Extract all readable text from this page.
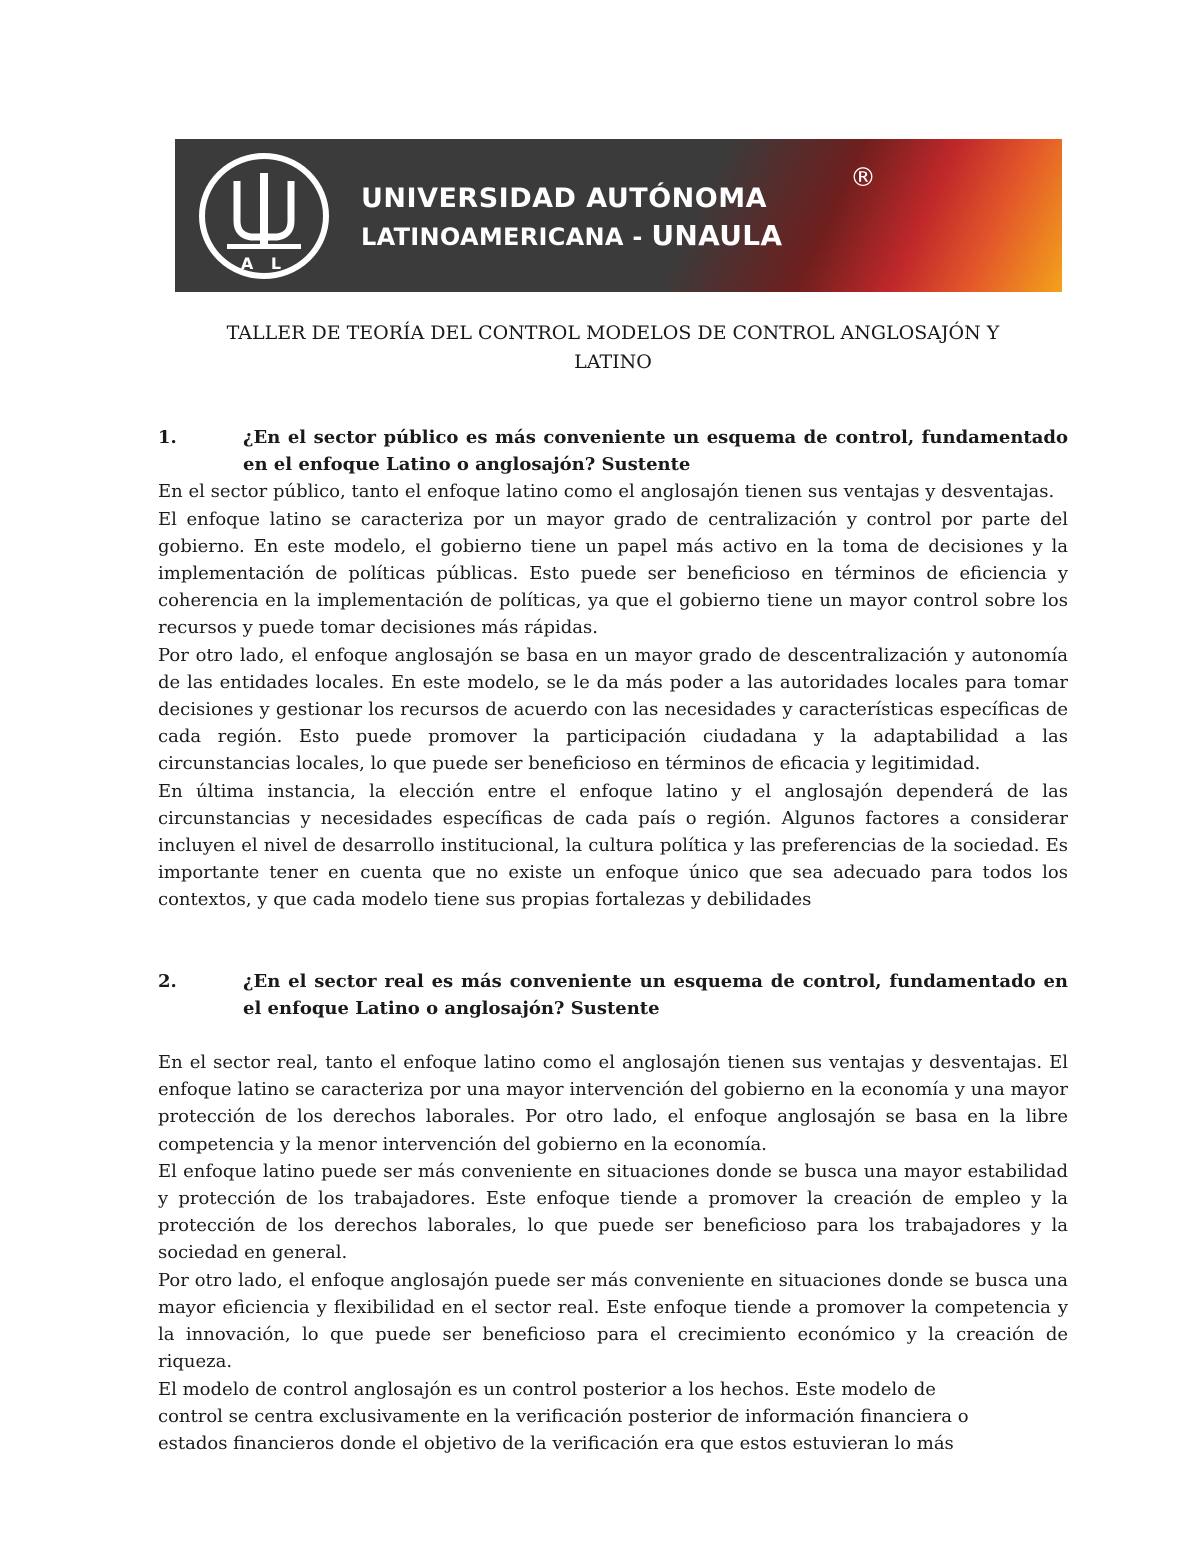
A L
UNIVERSIDAD AUTÓNOMA
®
LATINOAMERICANA - UNAULA
TALLER DE TEORÍA DEL CONTROL MODELOS DE CONTROL ANGLOSAJÓN Y
LATINO
1.	¿En el sector público es más conveniente un esquema de control, fundamentado en el enfoque Latino o anglosajón? Sustente

En el sector público, tanto el enfoque latino como el anglosajón tienen sus ventajas y desventajas.

El enfoque latino se caracteriza por un mayor grado de centralización y control por parte del gobierno. En este modelo, el gobierno tiene un papel más activo en la toma de decisiones y la implementación de políticas públicas. Esto puede ser beneficioso en términos de eficiencia y coherencia en la implementación de políticas, ya que el gobierno tiene un mayor control sobre los recursos y puede tomar decisiones más rápidas.

Por otro lado, el enfoque anglosajón se basa en un mayor grado de descentralización y autonomía de las entidades locales. En este modelo, se le da más poder a las autoridades locales para tomar decisiones y gestionar los recursos de acuerdo con las necesidades y características específicas de cada región. Esto puede promover la participación ciudadana y la adaptabilidad a las circunstancias locales, lo que puede ser beneficioso en términos de eficacia y legitimidad.

En última instancia, la elección entre el enfoque latino y el anglosajón dependerá de las circunstancias y necesidades específicas de cada país o región. Algunos factores a considerar incluyen el nivel de desarrollo institucional, la cultura política y las preferencias de la sociedad. Es importante tener en cuenta que no existe un enfoque único que sea adecuado para todos los contextos, y que cada modelo tiene sus propias fortalezas y debilidades

2.	¿En el sector real es más conveniente un esquema de control, fundamentado en el enfoque Latino o anglosajón? Sustente

En el sector real, tanto el enfoque latino como el anglosajón tienen sus ventajas y desventajas. El enfoque latino se caracteriza por una mayor intervención del gobierno en la economía y una mayor protección de los derechos laborales. Por otro lado, el enfoque anglosajón se basa en la libre competencia y la menor intervención del gobierno en la economía.

El enfoque latino puede ser más conveniente en situaciones donde se busca una mayor estabilidad y protección de los trabajadores. Este enfoque tiende a promover la creación de empleo y la protección de los derechos laborales, lo que puede ser beneficioso para los trabajadores y la sociedad en general.

Por otro lado, el enfoque anglosajón puede ser más conveniente en situaciones donde se busca una mayor eficiencia y flexibilidad en el sector real. Este enfoque tiende a promover la competencia y la innovación, lo que puede ser beneficioso para el crecimiento económico y la creación de riqueza.

El modelo de control anglosajón es un control posterior a los hechos. Este modelo de

control se centra exclusivamente en la verificación posterior de información financiera o

estados financieros donde el objetivo de la verificación era que estos estuvieran lo más
